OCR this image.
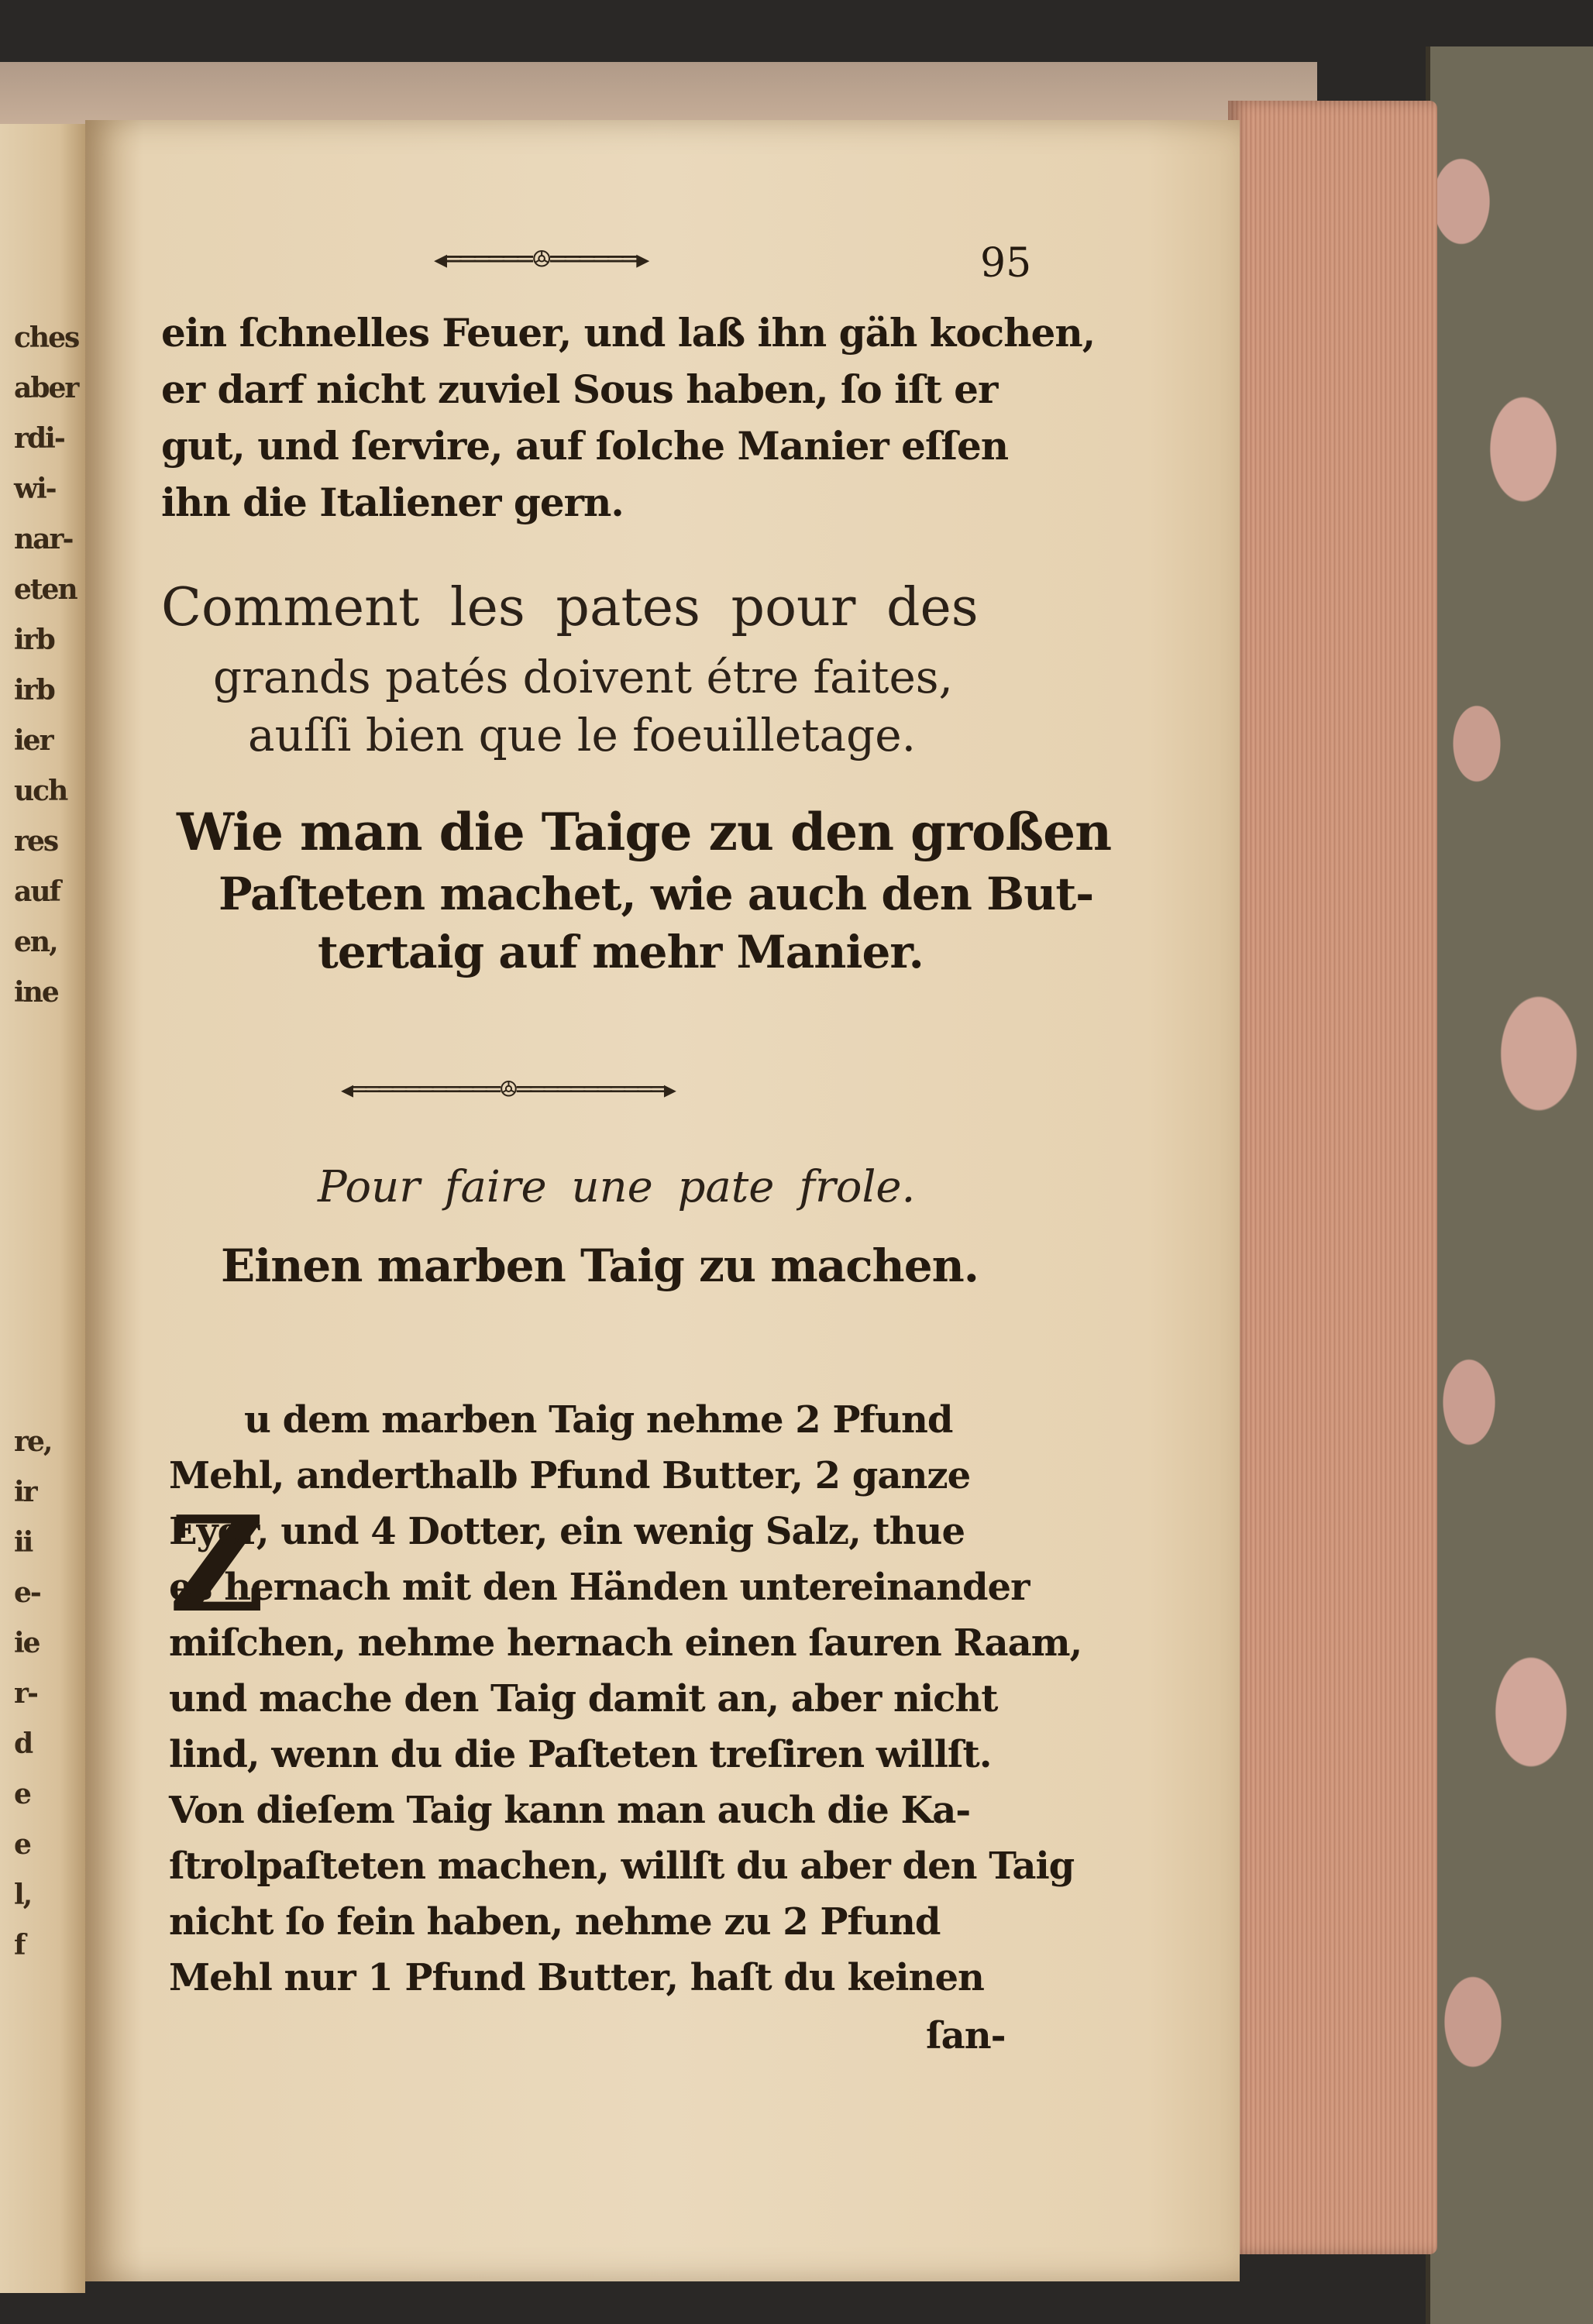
ches
aber
rdi-
wi-
nar-
eten
irb
irb
ier
uch
res
auf
en,
ine
re,
ir
ii
e-
ie
r-
d
e
e
l,
f
◂══════ꔮ══════▸	95
ein ſchnelles Feuer, und laß ihn gäh kochen,
er darf nicht zuviel Sous haben, ſo iſt er
gut, und ſervire, auf ſolche Manier eſſen
ihn die Italiener gern.
Comment les pates pour des
grands patés doivent étre faites,
auſſi bien que le foeuilletage.
Wie man die Taige zu den großen
Paſteten machet, wie auch den But-
tertaig auf mehr Manier.
◂═══════════ꔮ═══════════▸
Pour faire une pate frole.
Einen marben Taig zu machen.
Z
u dem marben Taig nehme 2 Pfund
Mehl, anderthalb Pfund Butter, 2 ganze
Eyer, und 4 Dotter, ein wenig Salz, thue
es hernach mit den Händen untereinander
miſchen, nehme hernach einen ſauren Raam,
und mache den Taig damit an, aber nicht
lind, wenn du die Paſteten treſiren willſt.
Von dieſem Taig kann man auch die Ka-
ſtrolpaſteten machen, willſt du aber den Taig
nicht ſo fein haben, nehme zu 2 Pfund
Mehl nur 1 Pfund Butter, haſt du keinen
ſan-
